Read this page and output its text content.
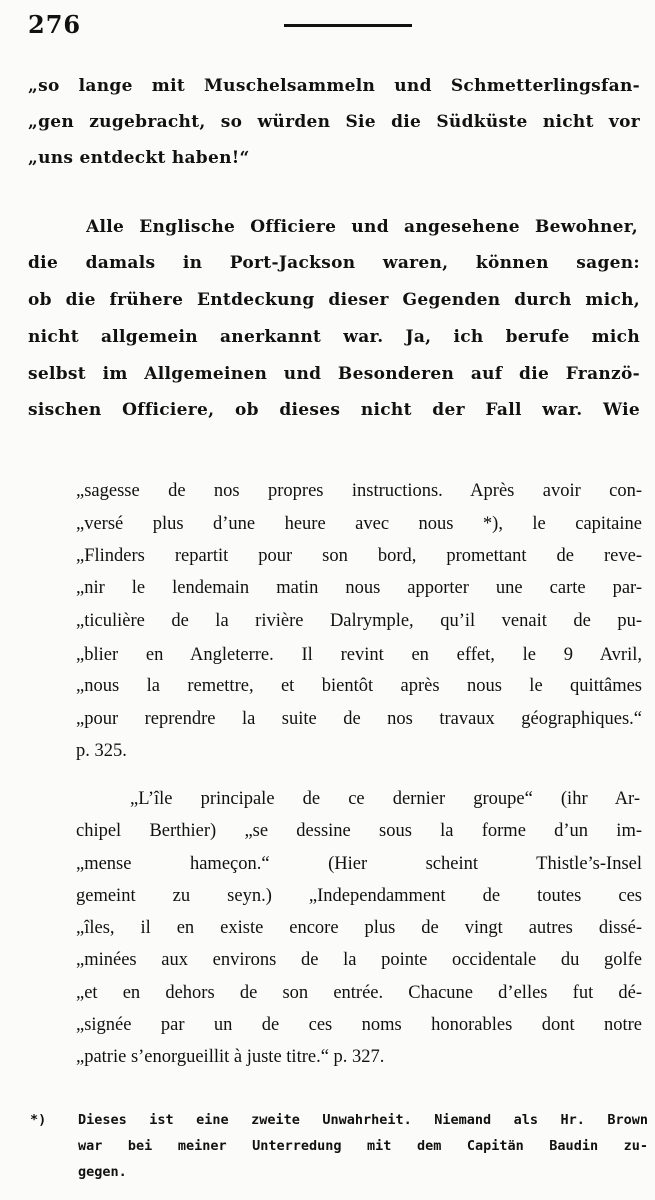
276
„so lange mit Muschelsammeln und Schmetterlingsfan-
„gen zugebracht, so würden Sie die Südküste nicht vor
„uns entdeckt haben!“
Alle Englische Officiere und angesehene Bewohner,
die damals in Port-Jackson waren, können sagen:
ob die frühere Entdeckung dieser Gegenden durch mich,
nicht allgemein anerkannt war. Ja, ich berufe mich
selbst im Allgemeinen und Besonderen auf die Franzö-
sischen Officiere, ob dieses nicht der Fall war. Wie
„sagesse de nos propres instructions. Après avoir con-
„versé plus d’une heure avec nous *), le capitaine
„Flinders repartit pour son bord, promettant de reve-
„nir le lendemain matin nous apporter une carte par-
„ticulière de la rivière Dalrymple, qu’il venait de pu-
„blier en Angleterre. Il revint en effet, le 9 Avril,
„nous la remettre, et bientôt après nous le quittâmes
„pour reprendre la suite de nos travaux géographiques.“
p. 325.
„L’île principale de ce dernier groupe“ (ihr Ar-
chipel Berthier) „se dessine sous la forme d’un im-
„mense hameçon.“ (Hier scheint Thistle’s-Insel
gemeint zu seyn.) „Independamment de toutes ces
„îles, il en existe encore plus de vingt autres dissé-
„minées aux environs de la pointe occidentale du golfe
„et en dehors de son entrée. Chacune d’elles fut dé-
„signée par un de ces noms honorables dont notre
„patrie s’enorgueillit à juste titre.“ p. 327.
*) Dieses ist eine zweite Unwahrheit. Niemand als Hr. Brown
war bei meiner Unterredung mit dem Capitän Baudin zu-
gegen.
